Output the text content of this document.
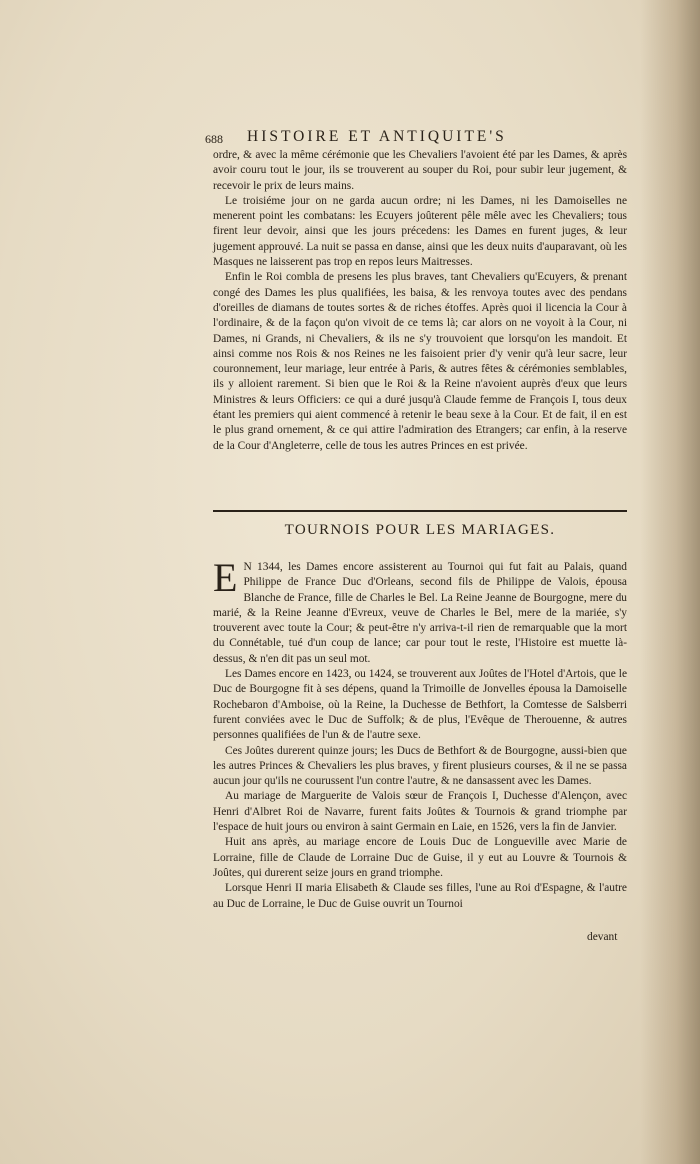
688 HISTOIRE ET ANTIQUITE'S

ordre, & avec la même cérémonie que les Chevaliers l'avoient été par les Dames, & après avoir couru tout le jour, ils se trouverent au souper du Roi, pour subir leur jugement, & recevoir le prix de leurs mains.

Le troisiéme jour on ne garda aucun ordre; ni les Dames, ni les Damoiselles ne menerent point les combatans: les Ecuyers joûterent pêle mêle avec les Chevaliers; tous firent leur devoir, ainsi que les jours précedens: les Dames en furent juges, & leur jugement approuvé. La nuit se passa en danse, ainsi que les deux nuits d'auparavant, où les Masques ne laisserent pas trop en repos leurs Maitresses.

Enfin le Roi combla de presens les plus braves, tant Chevaliers qu'Ecuyers, & prenant congé des Dames les plus qualifiées, les baisa, & les renvoya toutes avec des pendans d'oreilles de diamans de toutes sortes & de riches étoffes. Après quoi il licencia la Cour à l'ordinaire, & de la façon qu'on vivoit de ce tems là; car alors on ne voyoit à la Cour, ni Dames, ni Grands, ni Chevaliers, & ils ne s'y trouvoient que lorsqu'on les mandoit. Et ainsi comme nos Rois & nos Reines ne les faisoient prier d'y venir qu'à leur sacre, leur couronnement, leur mariage, leur entrée à Paris, & autres fêtes & cérémonies semblables, ils y alloient rarement. Si bien que le Roi & la Reine n'avoient auprès d'eux que leurs Ministres & leurs Officiers: ce qui a duré jusqu'à Claude femme de François I, tous deux étant les premiers qui aient commencé à retenir le beau sexe à la Cour. Et de fait, il en est le plus grand ornement, & ce qui attire l'admiration des Etrangers; car enfin, à la reserve de la Cour d'Angleterre, celle de tous les autres Princes en est privée.

TOURNOIS POUR LES MARIAGES.

E N 1344, les Dames encore assisterent au Tournoi qui fut fait au Palais, quand Philippe de France Duc d'Orleans, second fils de Philippe de Valois, épousa Blanche de France, fille de Charles le Bel. La Reine Jeanne de Bourgogne, mere du marié, & la Reine Jeanne d'Evreux, veuve de Charles le Bel, mere de la mariée, s'y trouverent avec toute la Cour; & peut-être n'y arriva-t-il rien de remarquable que la mort du Connétable, tué d'un coup de lance; car pour tout le reste, l'Histoire est muette là-dessus, & n'en dit pas un seul mot.

Les Dames encore en 1423, ou 1424, se trouverent aux Joûtes de l'Hotel d'Artois, que le Duc de Bourgogne fit à ses dépens, quand la Trimoille de Jonvelles épousa la Damoiselle Rochebaron d'Amboise, où la Reine, la Duchesse de Bethfort, la Comtesse de Salsberri furent conviées avec le Duc de Suffolk; & de plus, l'Evêque de Therouenne, & autres personnes qualifiées de l'un & de l'autre sexe.

Ces Joûtes durerent quinze jours; les Ducs de Bethfort & de Bourgogne, aussi-bien que les autres Princes & Chevaliers les plus braves, y firent plusieurs courses, & il ne se passa aucun jour qu'ils ne courussent l'un contre l'autre, & ne dansassent avec les Dames.

Au mariage de Marguerite de Valois sœur de François I, Duchesse d'Alençon, avec Henri d'Albret Roi de Navarre, furent faits Joûtes & Tournois & grand triomphe par l'espace de huit jours ou environ à saint Germain en Laie, en 1526, vers la fin de Janvier.

Huit ans après, au mariage encore de Louis Duc de Longueville avec Marie de Lorraine, fille de Claude de Lorraine Duc de Guise, il y eut au Louvre & Tournois & Joûtes, qui durerent seize jours en grand triomphe.

Lorsque Henri II maria Elisabeth & Claude ses filles, l'une au Roi d'Espagne, & l'autre au Duc de Lorraine, le Duc de Guise ouvrit un Tournoi

devant
